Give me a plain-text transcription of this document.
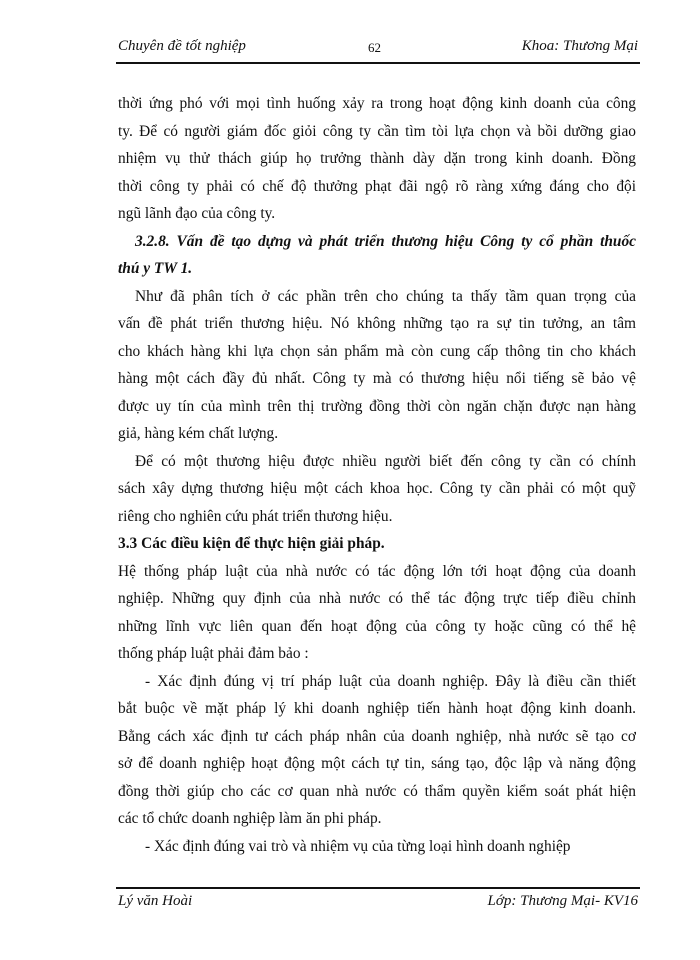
Chuyên đề tốt nghiệp	62	Khoa: Thương Mại
thời ứng phó với mọi tình huống xảy ra trong hoạt động kinh doanh của công
ty. Để có người giám đốc giỏi công ty cần tìm tòi lựa chọn và bồi dưỡng giao
nhiệm vụ thử thách giúp họ trưởng thành dày dặn trong kinh doanh. Đồng
thời công ty phải có chế độ thưởng phạt đãi ngộ rõ ràng xứng đáng cho đội
ngũ lãnh đạo của công ty.
3.2.8. Vấn đề tạo dựng và phát triển thương hiệu Công ty cổ phần thuốc
thú y TW 1.
Như đã phân tích ở các phần trên cho chúng ta thấy tầm quan trọng của
vấn đề phát triển thương hiệu. Nó không những tạo ra sự tin tưởng, an tâm
cho khách hàng khi lựa chọn sản phẩm mà còn cung cấp thông tin cho khách
hàng một cách đầy đủ nhất. Công ty mà có thương hiệu nổi tiếng sẽ bảo vệ
được uy tín của mình trên thị trường đồng thời còn ngăn chặn được nạn hàng
giả, hàng kém chất lượng.
Để có một thương hiệu được nhiều người biết đến công ty cần có chính
sách xây dựng thương hiệu một cách khoa học. Công ty cần phải có một quỹ
riêng cho nghiên cứu phát triển thương hiệu.
3.3 Các điều kiện để thực hiện giải pháp.
Hệ thống pháp luật của nhà nước có tác động lớn tới hoạt động của doanh
nghiệp. Những quy định của nhà nước có thể tác động trực tiếp điều chỉnh
những lĩnh vực liên quan đến hoạt động của công ty hoặc cũng có thể hệ
thống pháp luật phải đảm bảo :
- Xác định đúng vị trí pháp luật của doanh nghiệp. Đây là điều cần thiết
bắt buộc về mặt pháp lý khi doanh nghiệp tiến hành hoạt động kinh doanh.
Bằng cách xác định tư cách pháp nhân của doanh nghiệp, nhà nước sẽ tạo cơ
sở để doanh nghiệp hoạt động một cách tự tin, sáng tạo, độc lập và năng động
đồng thời giúp cho các cơ quan nhà nước có thẩm quyền kiểm soát phát hiện
các tổ chức doanh nghiệp làm ăn phi pháp.
- Xác định đúng vai trò và nhiệm vụ của từng loại hình doanh nghiệp
Lý văn Hoài	Lớp: Thương Mại- KV16
